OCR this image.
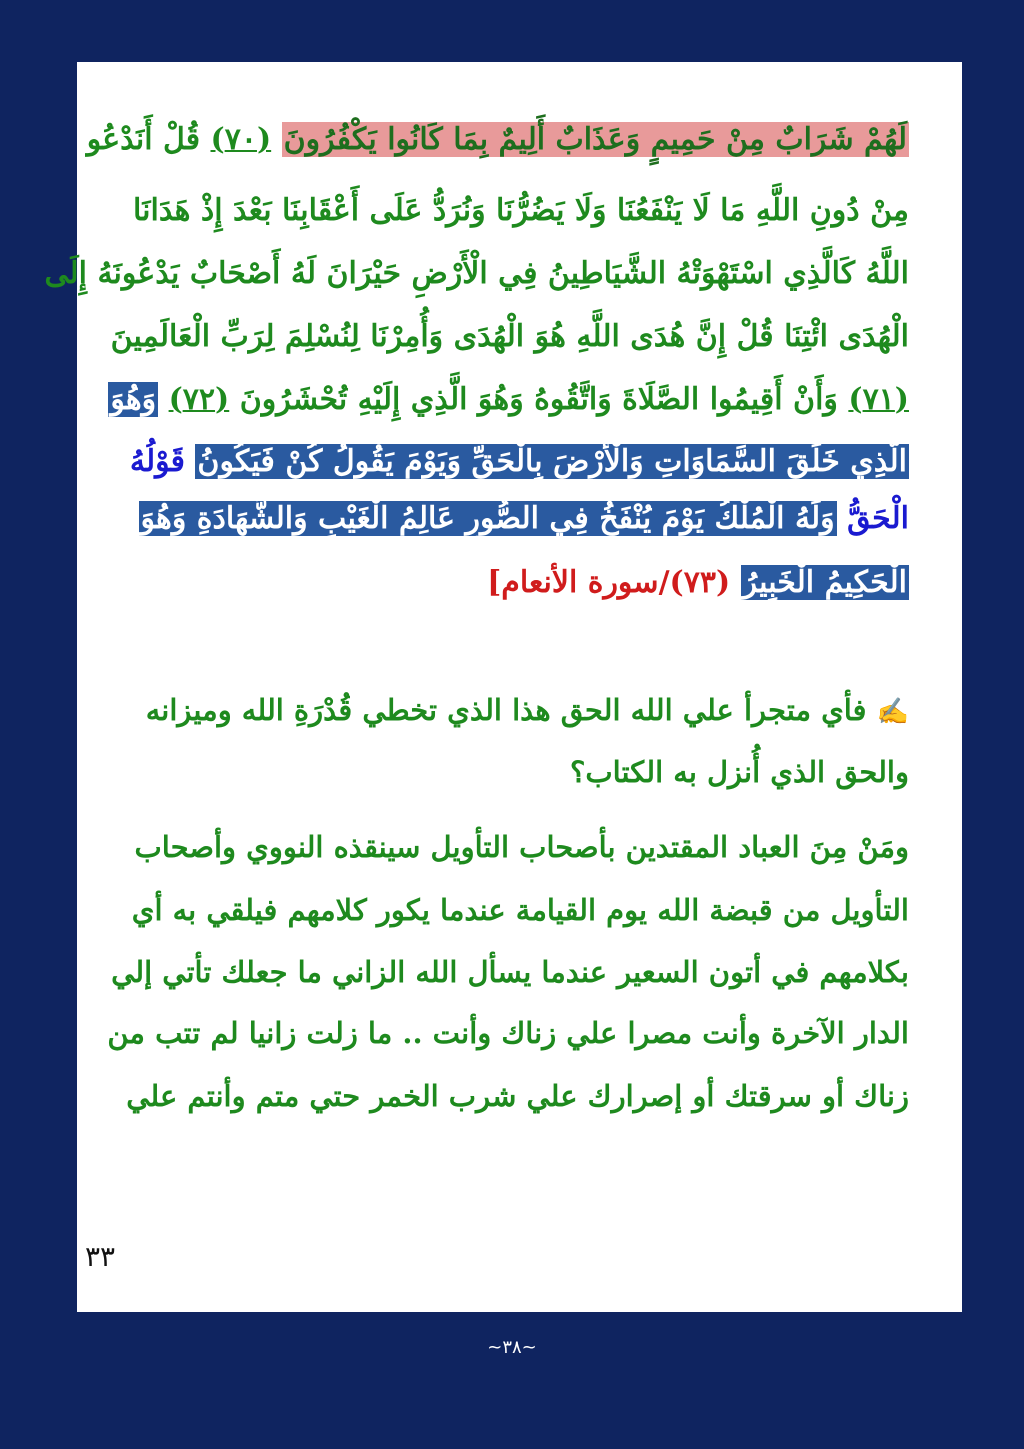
لَهُمْ شَرَابٌ مِنْ حَمِيمٍ وَعَذَابٌ أَلِيمٌ بِمَا كَانُوا يَكْفُرُونَ (٧٠) قُلْ أَنَدْعُو
مِنْ دُونِ اللَّهِ مَا لَا يَنْفَعُنَا وَلَا يَضُرُّنَا وَنُرَدُّ عَلَى أَعْقَابِنَا بَعْدَ إِذْ هَدَانَا
اللَّهُ كَالَّذِي اسْتَهْوَتْهُ الشَّيَاطِينُ فِي الْأَرْضِ حَيْرَانَ لَهُ أَصْحَابٌ يَدْعُونَهُ إِلَى
الْهُدَى ائْتِنَا قُلْ إِنَّ هُدَى اللَّهِ هُوَ الْهُدَى وَأُمِرْنَا لِنُسْلِمَ لِرَبِّ الْعَالَمِينَ
(٧١) وَأَنْ أَقِيمُوا الصَّلَاةَ وَاتَّقُوهُ وَهُوَ الَّذِي إِلَيْهِ تُحْشَرُونَ (٧٢) وَهُوَ
الَّذِي خَلَقَ السَّمَاوَاتِ وَالْأَرْضَ بِالْحَقِّ وَيَوْمَ يَقُولُ كُنْ فَيَكُونُ قَوْلُهُ
الْحَقُّ وَلَهُ الْمُلْكُ يَوْمَ يُنْفَخُ فِي الصُّورِ عَالِمُ الْغَيْبِ وَالشَّهَادَةِ وَهُوَ
الْحَكِيمُ الْخَبِيرُ (٧٣)/سورة الأنعام]
✍ فأي متجرأ علي الله الحق هذا الذي تخطي قُدْرَةِ الله وميزانه
والحق الذي أُنزل به الكتاب؟
ومَنْ مِنَ العباد المقتدين بأصحاب التأويل سينقذه النووي وأصحاب
التأويل من قبضة الله يوم القيامة عندما يكور كلامهم فيلقي به أي
بكلامهم في أتون السعير عندما يسأل الله الزاني ما جعلك تأتي إلي
الدار الآخرة وأنت مصرا علي زناك وأنت .. ما زلت زانيا لم تتب من
زناك أو سرقتك أو إصرارك علي شرب الخمر حتي متم وأنتم علي
٣٣
~٣٨~
